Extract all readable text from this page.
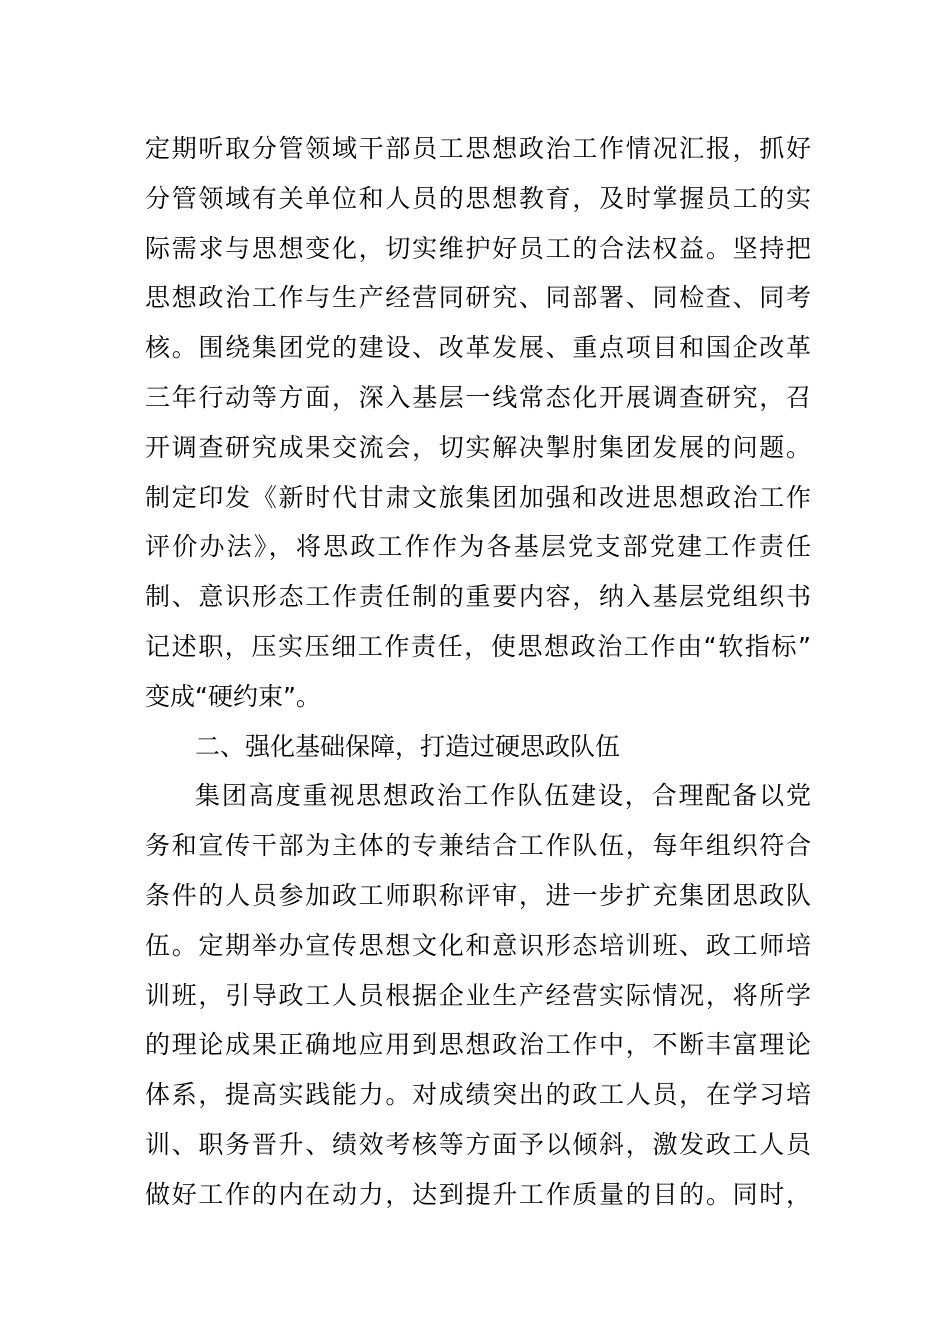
定期听取分管领域干部员工思想政治工作情况汇报，抓好
分管领域有关单位和人员的思想教育，及时掌握员工的实
际需求与思想变化，切实维护好员工的合法权益。坚持把
思想政治工作与生产经营同研究、同部署、同检查、同考
核。围绕集团党的建设、改革发展、重点项目和国企改革
三年行动等方面，深入基层一线常态化开展调查研究，召
开调查研究成果交流会，切实解决掣肘集团发展的问题。
制定印发《新时代甘肃文旅集团加强和改进思想政治工作
评价办法》，将思政工作作为各基层党支部党建工作责任
制、意识形态工作责任制的重要内容，纳入基层党组织书
记述职，压实压细工作责任，使思想政治工作由“软指标”
变成“硬约束”。
二、强化基础保障，打造过硬思政队伍
集团高度重视思想政治工作队伍建设，合理配备以党
务和宣传干部为主体的专兼结合工作队伍，每年组织符合
条件的人员参加政工师职称评审，进一步扩充集团思政队
伍。定期举办宣传思想文化和意识形态培训班、政工师培
训班，引导政工人员根据企业生产经营实际情况，将所学
的理论成果正确地应用到思想政治工作中，不断丰富理论
体系，提高实践能力。对成绩突出的政工人员，在学习培
训、职务晋升、绩效考核等方面予以倾斜，激发政工人员
做好工作的内在动力，达到提升工作质量的目的。同时，
